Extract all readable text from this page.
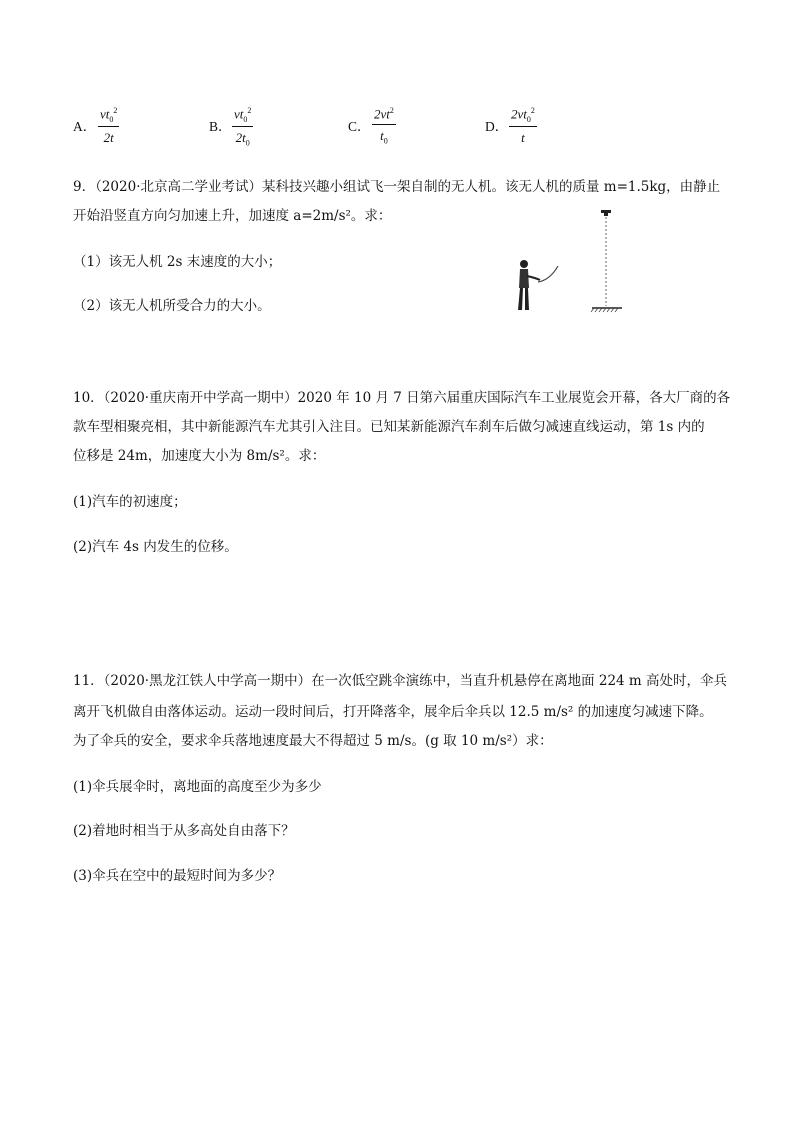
A． $\frac{vt_0^2}{2t}$	B． $\frac{vt_0^2}{2t_0}$	C． $\frac{2vt^2}{t_0}$	D． $\frac{2vt_0^2}{t}$
9．（2020·北京高二学业考试）某科技兴趣小组试飞一架自制的无人机。该无人机的质量 m=1.5kg，由静止
开始沿竖直方向匀加速上升，加速度 a=2m/s²。求：
（1）该无人机 2s 末速度的大小；
（2）该无人机所受合力的大小。
10．（2020·重庆南开中学高一期中）2020 年 10 月 7 日第六届重庆国际汽车工业展览会开幕，各大厂商的各
款车型相聚亮相，其中新能源汽车尤其引入注目。已知某新能源汽车刹车后做匀减速直线运动，第 1s 内的
位移是 24m，加速度大小为 8m/s²。求：
(1)汽车的初速度；
(2)汽车 4s 内发生的位移。
11．（2020·黑龙江铁人中学高一期中）在一次低空跳伞演练中，当直升机悬停在离地面 224 m 高处时，伞兵
离开飞机做自由落体运动。运动一段时间后，打开降落伞，展伞后伞兵以 12.5 m/s² 的加速度匀减速下降。
为了伞兵的安全，要求伞兵落地速度最大不得超过 5 m/s。(g 取 10 m/s²）求：
(1)伞兵展伞时，离地面的高度至少为多少
(2)着地时相当于从多高处自由落下？
(3)伞兵在空中的最短时间为多少？
